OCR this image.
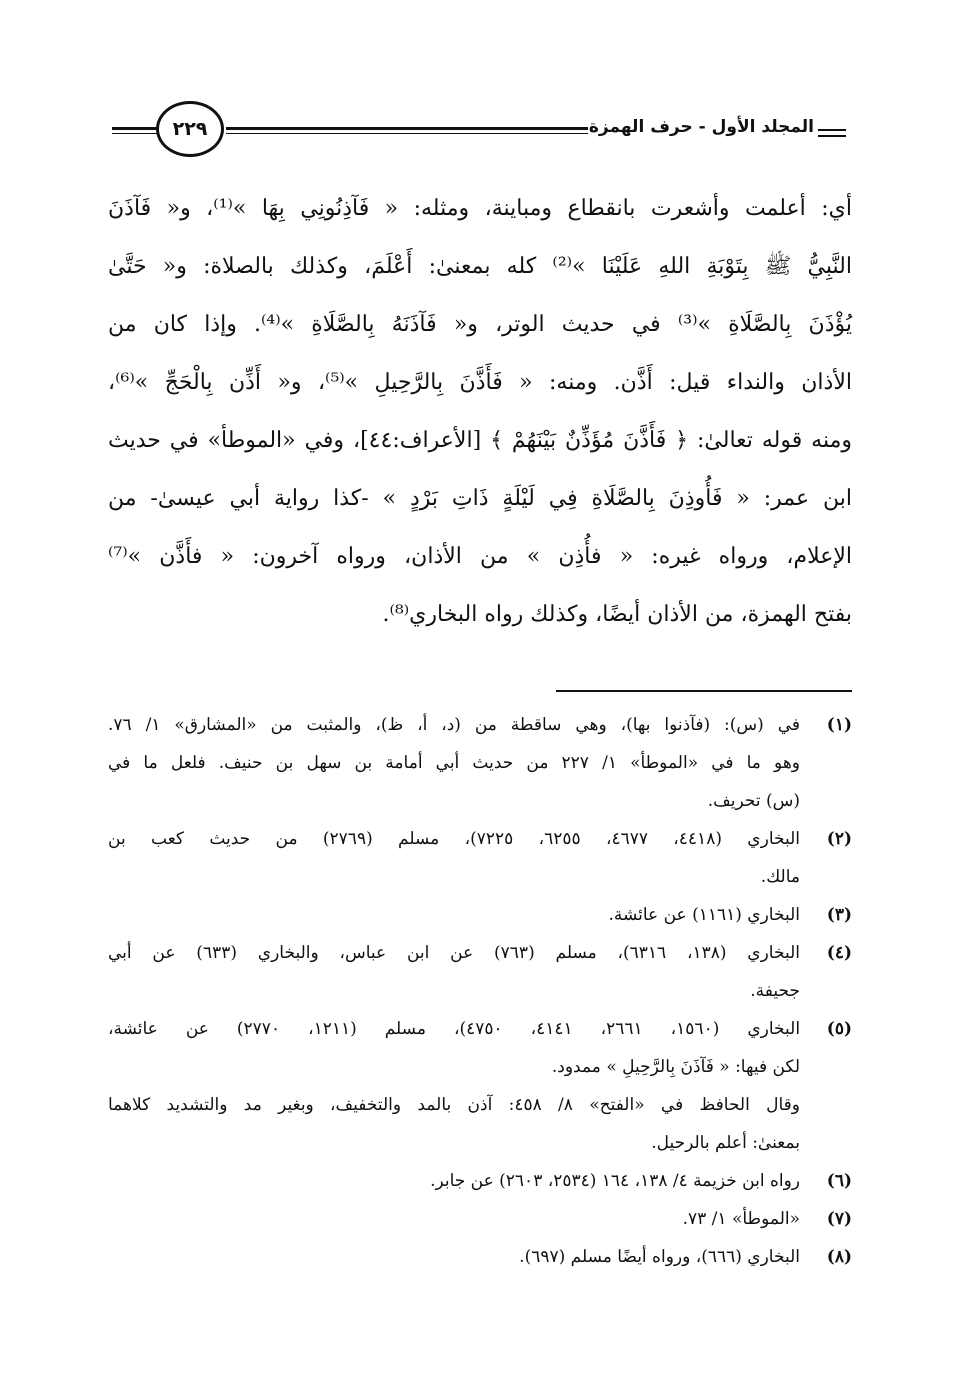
٢٢٩	المجلد الأول - حرف الهمزة
أي: أعلمت وأشعرت بانقطاع ومباينة، ومثله: « فَآذِنُونِي بِهَا »⁽¹⁾، و« فَآذَنَ
النَّبِيُّ ﷺ بِتَوْبَةِ اللهِ عَلَيْنَا »⁽²⁾ كله بمعنىٰ: أَعْلَمَ، وكذلك بالصلاة: و« حَتَّىٰ
يُؤْذَنَ بِالصَّلَاةِ »⁽³⁾ في حديث الوتر، و« فَآذَنَهُ بِالصَّلَاةِ »⁽⁴⁾. وإذا كان من
الأذان والنداء قيل: أَذَّن. ومنه: « فَأَذَّنَ بِالرَّحِيلِ »⁽⁵⁾، و« أَذِّن بِالْحَجِّ »⁽⁶⁾،
ومنه قوله تعالىٰ: ﴿ فَأَذَّنَ مُؤَذِّنٌ بَيْنَهُمْ ﴾ [الأعراف:٤٤]، وفي «الموطأ» في حديث
ابن عمر: « فَأُوذِنَ بِالصَّلَاةِ فِي لَيْلَةٍ ذَاتِ بَرْدٍ » -كذا رواية أبي عيسىٰ- من
الإعلام، ورواه غيره: « فأُذِن » من الأذان، ورواه آخرون: « فأَذَّن »⁽⁷⁾
بفتح الهمزة، من الأذان أيضًا، وكذلك رواه البخاري⁽⁸⁾.
(١)
في (س): (فآذنوا بها)، وهي ساقطة من (د، أ، ظ)، والمثبت من «المشارق» ١/ ٧٦.
وهو ما في «الموطأ» ١/ ٢٢٧ من حديث أبي أمامة بن سهل بن حنيف. فلعل ما في
(س) تحريف.
(٢)
البخاري (٤٤١٨، ٤٦٧٧، ٦٢٥٥، ٧٢٢٥)، مسلم (٢٧٦٩) من حديث كعب بن
مالك.
(٣)
البخاري (١١٦١) عن عائشة.
(٤)
البخاري (١٣٨، ٦٣١٦)، مسلم (٧٦٣) عن ابن عباس، والبخاري (٦٣٣) عن أبي
جحيفة.
(٥)
البخاري (١٥٦٠، ٢٦٦١، ٤١٤١، ٤٧٥٠)، مسلم (١٢١١، ٢٧٧٠) عن عائشة،
لكن فيها: « فَآذَنَ بِالرَّحِيلِ » ممدود.
وقال الحافظ في «الفتح» ٨/ ٤٥٨: آذن بالمد والتخفيف، وبغير مد والتشديد كلاهما
بمعنىٰ: أعلم بالرحيل.
(٦)
رواه ابن خزيمة ٤/ ١٣٨، ١٦٤ (٢٥٣٤، ٢٦٠٣) عن جابر.
(٧)
«الموطأ» ١/ ٧٣.
(٨)
البخاري (٦٦٦)، ورواه أيضًا مسلم (٦٩٧).
